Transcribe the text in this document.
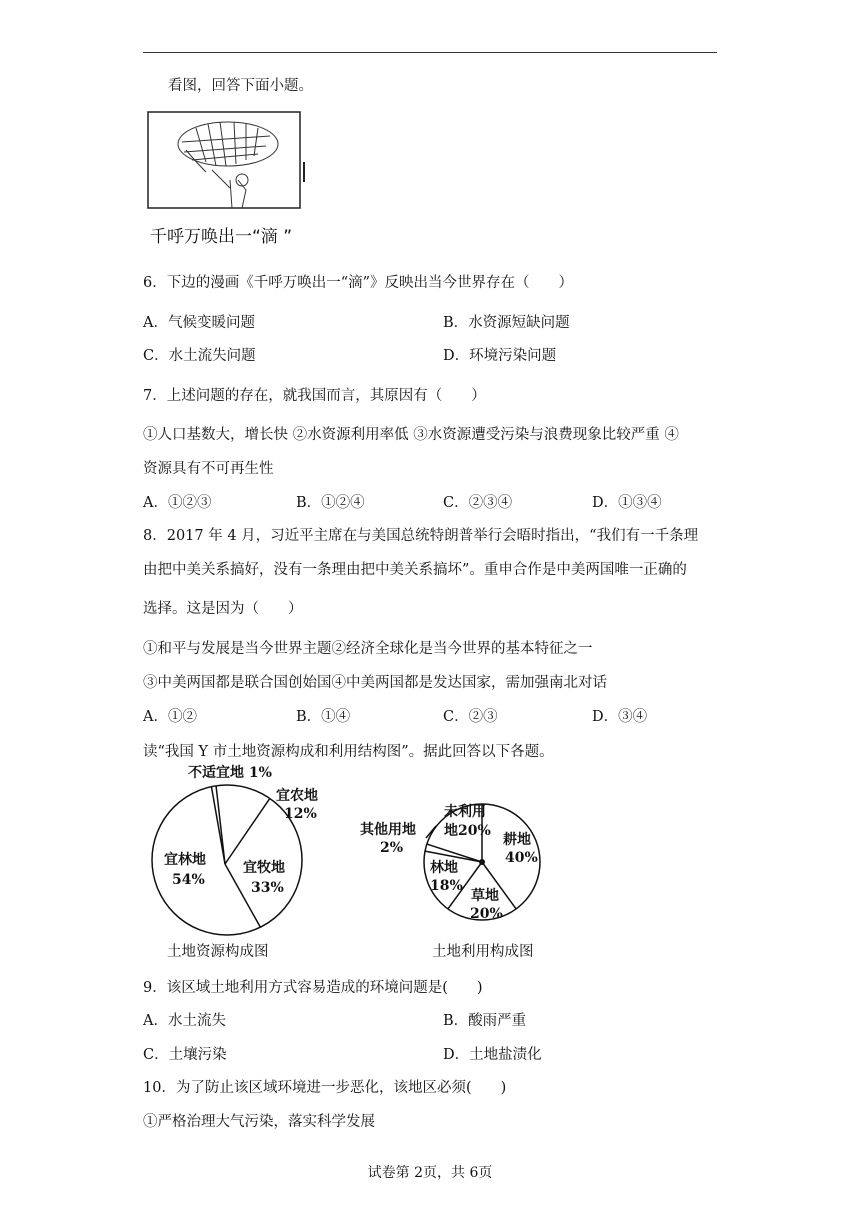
看图，回答下面小题。
千呼万唤出一“滴 ”
6．下边的漫画《千呼万唤出一“滴”》反映出当今世界存在（　　）
A．气候变暖问题	B．水资源短缺问题
C．水土流失问题	D．环境污染问题
7．上述问题的存在，就我国而言，其原因有（　　）
①人口基数大，增长快 ②水资源利用率低 ③水资源遭受污染与浪费现象比较严重 ④
资源具有不可再生性
A．①②③	B．①②④	C．②③④	D．①③④
8．2017 年 4 月，习近平主席在与美国总统特朗普举行会晤时指出，“我们有一千条理
由把中美关系搞好，没有一条理由把中美关系搞坏”。重申合作是中美两国唯一正确的
选择。这是因为（　　）
①和平与发展是当今世界主题②经济全球化是当今世界的基本特征之一
③中美两国都是联合国创始国④中美两国都是发达国家，需加强南北对话
A．①②	B．①④	C．②③	D．③④
读“我国 Y 市土地资源构成和利用结构图”。据此回答以下各题。
不适宜地 1%
宜农地
12%
宜牧地
33%
宜林地
54%
土地资源构成图
耕地
40%
草地
20%
林地
18%
其他用地
2%
未利用
地20%
土地利用构成图
9．该区域土地利用方式容易造成的环境问题是(　　)
A．水土流失	B．酸雨严重
C．土壤污染	D．土地盐渍化
10．为了防止该区域环境进一步恶化，该地区必须(　　)
①严格治理大气污染，落实科学发展
试卷第 2页，共 6页
